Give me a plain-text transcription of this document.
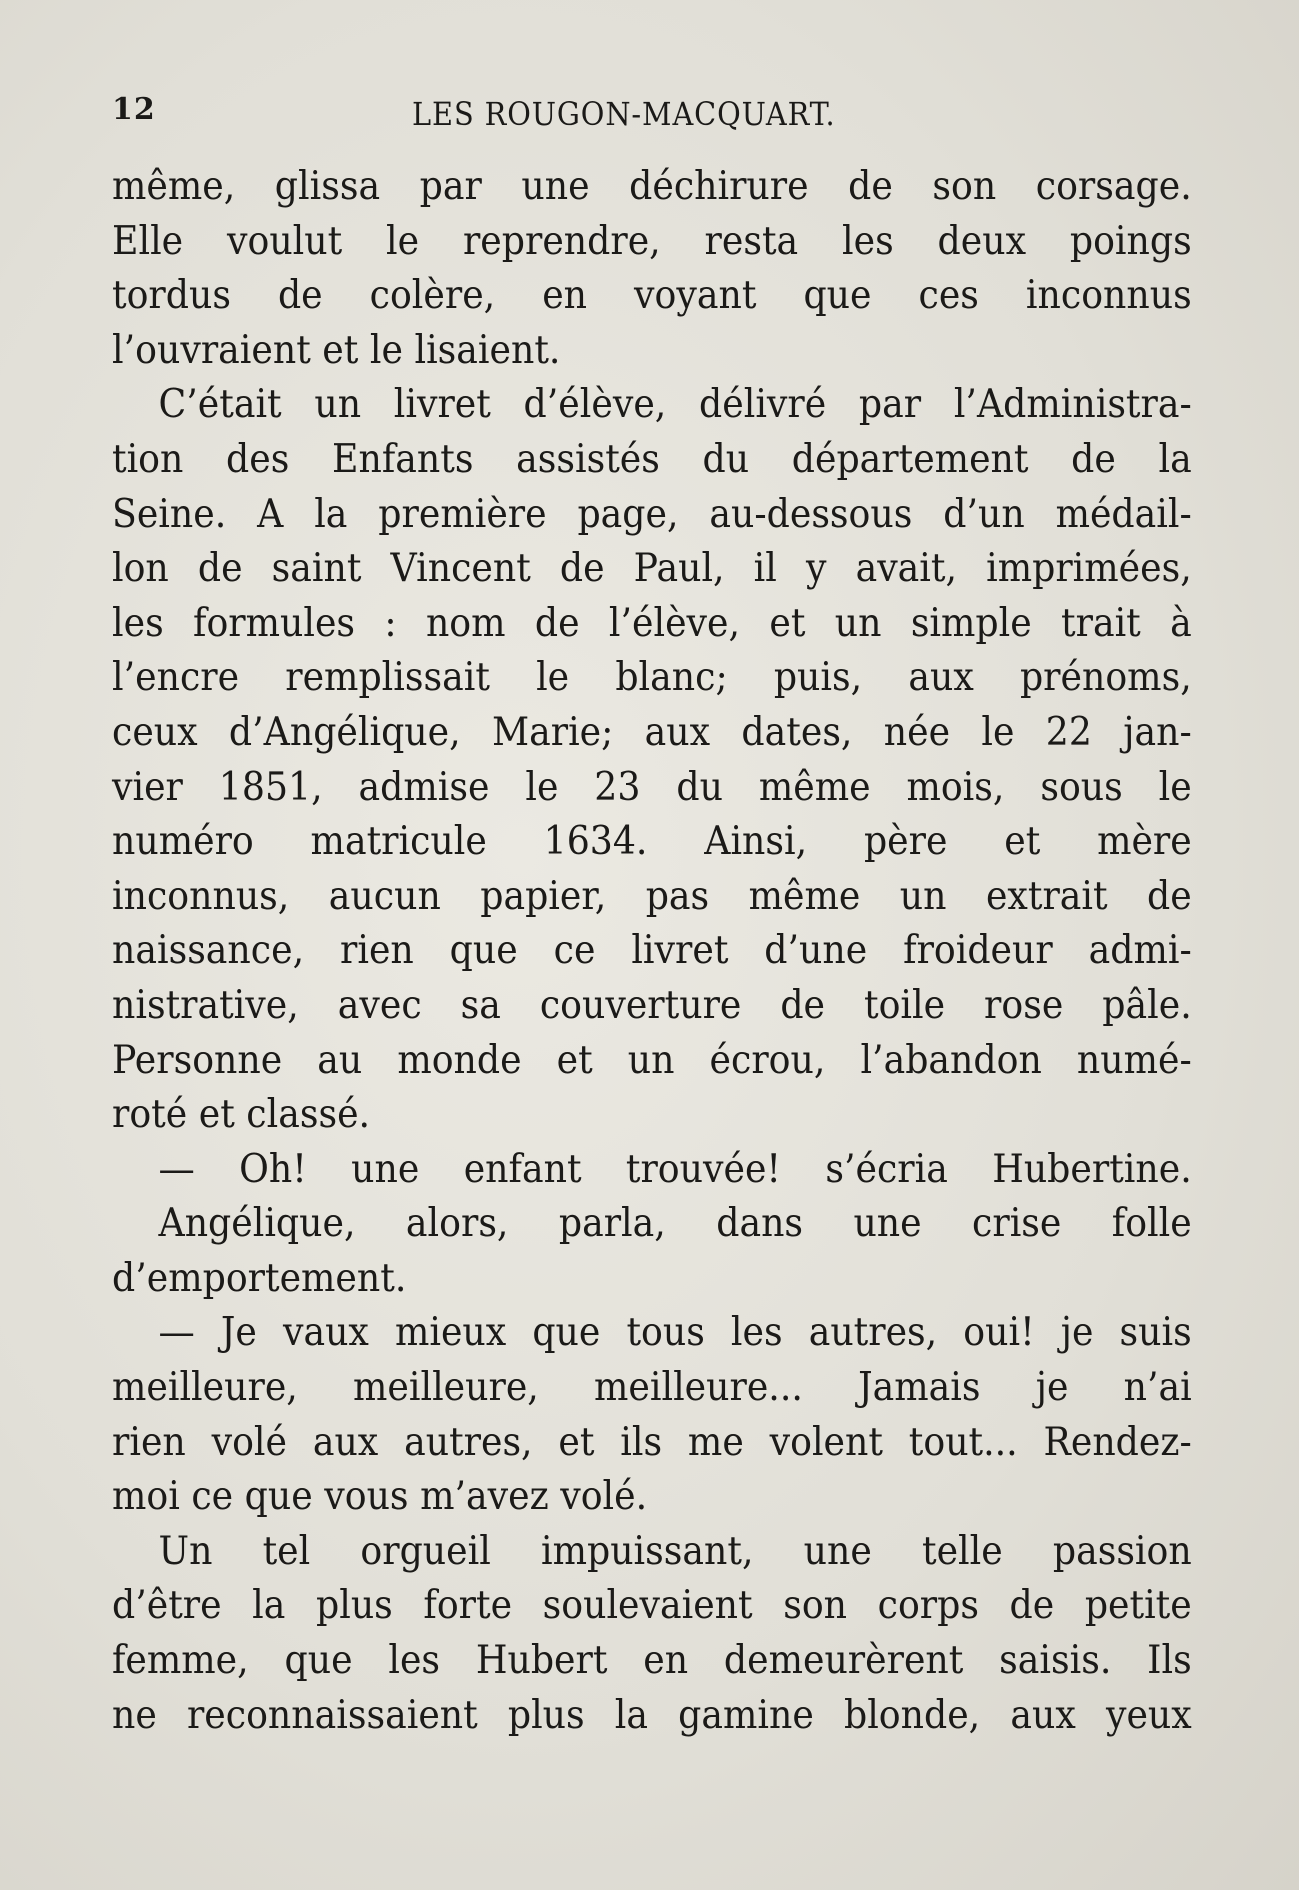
12	LES ROUGON-MACQUART.
même, glissa par une déchirure de son corsage.
Elle voulut le reprendre, resta les deux poings
tordus de colère, en voyant que ces inconnus
l’ouvraient et le lisaient.
C’était un livret d’élève, délivré par l’Administra-
tion des Enfants assistés du département de la
Seine. A la première page, au-dessous d’un médail-
lon de saint Vincent de Paul, il y avait, imprimées,
les formules : nom de l’élève, et un simple trait à
l’encre remplissait le blanc; puis, aux prénoms,
ceux d’Angélique, Marie; aux dates, née le 22 jan-
vier 1851, admise le 23 du même mois, sous le
numéro matricule 1634. Ainsi, père et mère
inconnus, aucun papier, pas même un extrait de
naissance, rien que ce livret d’une froideur admi-
nistrative, avec sa couverture de toile rose pâle.
Personne au monde et un écrou, l’abandon numé-
roté et classé.
— Oh! une enfant trouvée! s’écria Hubertine.
Angélique, alors, parla, dans une crise folle
d’emportement.
— Je vaux mieux que tous les autres, oui! je suis
meilleure, meilleure, meilleure... Jamais je n’ai
rien volé aux autres, et ils me volent tout... Rendez-
moi ce que vous m’avez volé.
Un tel orgueil impuissant, une telle passion
d’être la plus forte soulevaient son corps de petite
femme, que les Hubert en demeurèrent saisis. Ils
ne reconnaissaient plus la gamine blonde, aux yeux
